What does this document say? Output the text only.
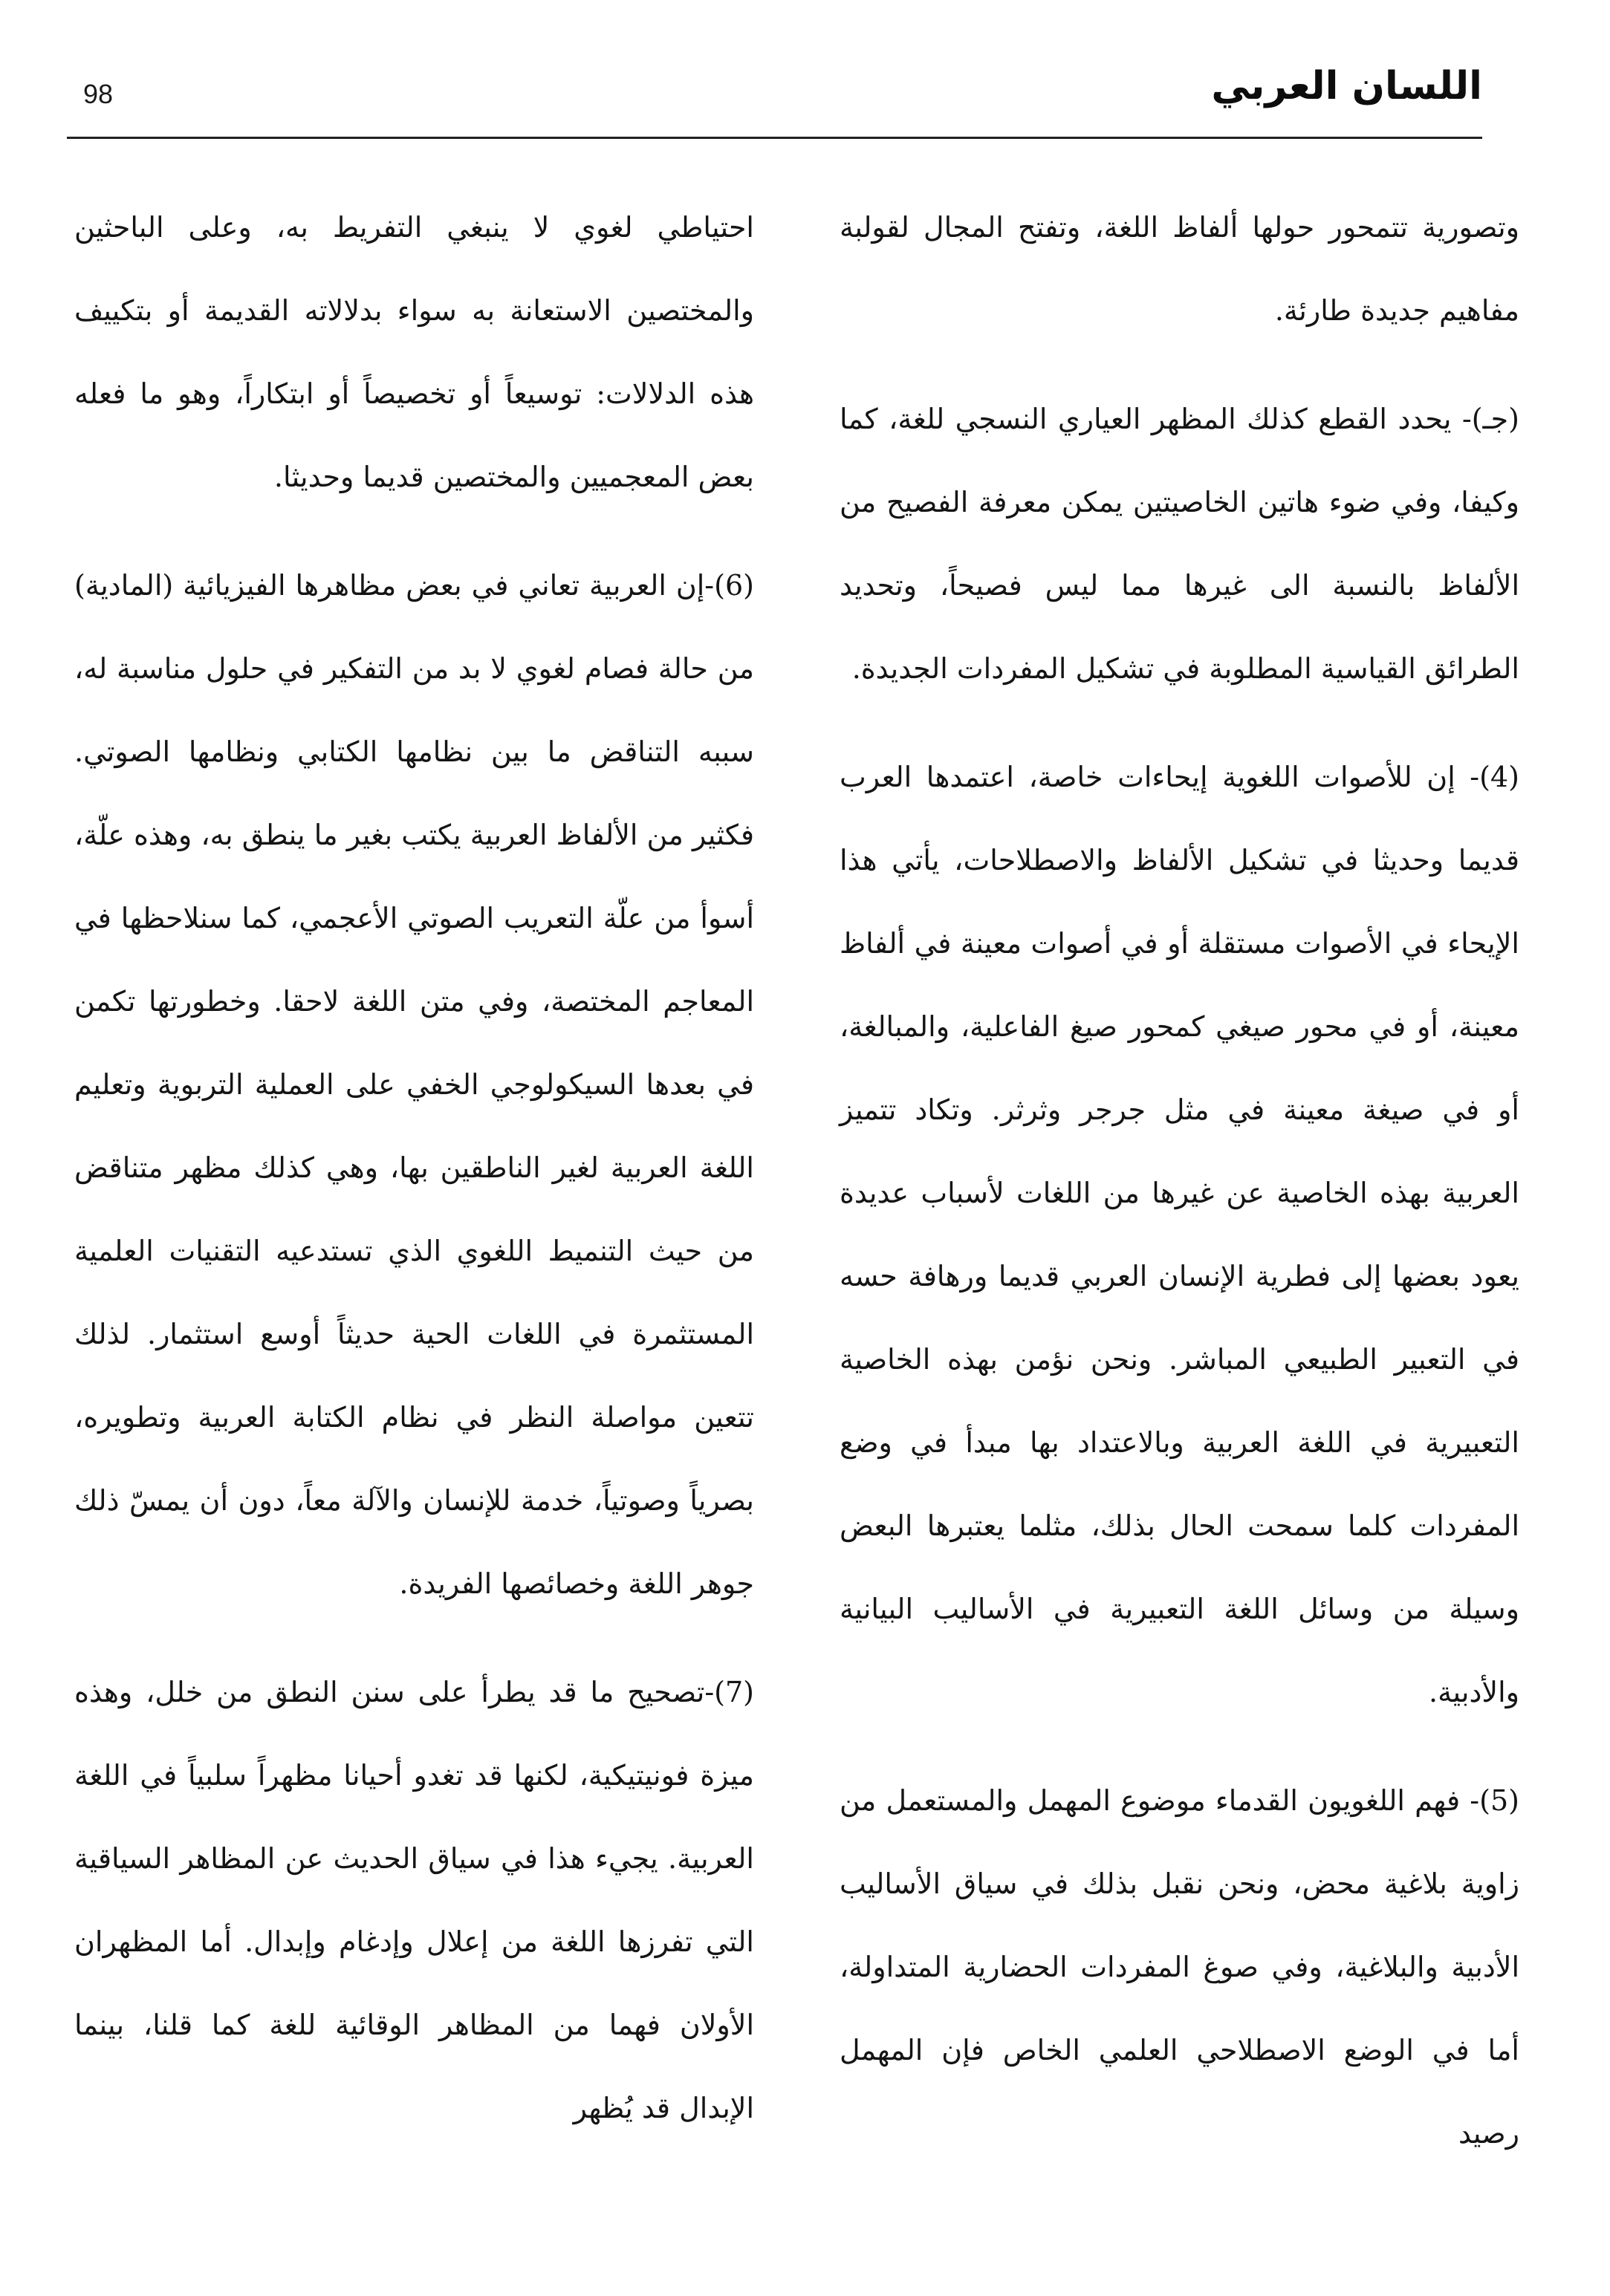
98	اللسان العربي

وتصورية تتمحور حولها ألفاظ اللغة، وتفتح المجال لقولبة مفاهيم جديدة طارئة.

(جـ)- يحدد القطع كذلك المظهر العياري النسجي للغة، كما وكيفا، وفي ضوء هاتين الخاصيتين يمكن معرفة الفصيح من الألفاظ بالنسبة الى غيرها مما ليس فصيحاً، وتحديد الطرائق القياسية المطلوبة في تشكيل المفردات الجديدة.

(4)- إن للأصوات اللغوية إيحاءات خاصة، اعتمدها العرب قديما وحديثا في تشكيل الألفاظ والاصطلاحات، يأتي هذا الإيحاء في الأصوات مستقلة أو في أصوات معينة في ألفاظ معينة، أو في محور صيغي كمحور صيغ الفاعلية، والمبالغة، أو في صيغة معينة في مثل جرجر وثرثر. وتكاد تتميز العربية بهذه الخاصية عن غيرها من اللغات لأسباب عديدة يعود بعضها إلى فطرية الإنسان العربي قديما ورهافة حسه في التعبير الطبيعي المباشر. ونحن نؤمن بهذه الخاصية التعبيرية في اللغة العربية وبالاعتداد بها مبدأ في وضع المفردات كلما سمحت الحال بذلك، مثلما يعتبرها البعض وسيلة من وسائل اللغة التعبيرية في الأساليب البيانية والأدبية.

(5)- فهم اللغويون القدماء موضوع المهمل والمستعمل من زاوية بلاغية محض، ونحن نقبل بذلك في سياق الأساليب الأدبية والبلاغية، وفي صوغ المفردات الحضارية المتداولة، أما في الوضع الاصطلاحي العلمي الخاص فإن المهمل رصيد

احتياطي لغوي لا ينبغي التفريط به، وعلى الباحثين والمختصين الاستعانة به سواء بدلالاته القديمة أو بتكييف هذه الدلالات: توسيعاً أو تخصيصاً أو ابتكاراً، وهو ما فعله بعض المعجميين والمختصين قديما وحديثا.

(6)-إن العربية تعاني في بعض مظاهرها الفيزيائية (المادية) من حالة فصام لغوي لا بد من التفكير في حلول مناسبة له، سببه التناقض ما بين نظامها الكتابي ونظامها الصوتي. فكثير من الألفاظ العربية يكتب بغير ما ينطق به، وهذه علّة، أسوأ من علّة التعريب الصوتي الأعجمي، كما سنلاحظها في المعاجم المختصة، وفي متن اللغة لاحقا. وخطورتها تكمن في بعدها السيكولوجي الخفي على العملية التربوية وتعليم اللغة العربية لغير الناطقين بها، وهي كذلك مظهر متناقض من حيث التنميط اللغوي الذي تستدعيه التقنيات العلمية المستثمرة في اللغات الحية حديثاً أوسع استثمار. لذلك تتعين مواصلة النظر في نظام الكتابة العربية وتطويره، بصرياً وصوتياً، خدمة للإنسان والآلة معاً، دون أن يمسّ ذلك جوهر اللغة وخصائصها الفريدة.

(7)-تصحيح ما قد يطرأ على سنن النطق من خلل، وهذه ميزة فونيتيكية، لكنها قد تغدو أحيانا مظهراً سلبياً في اللغة العربية. يجيء هذا في سياق الحديث عن المظاهر السياقية التي تفرزها اللغة من إعلال وإدغام وإبدال. أما المظهران الأولان فهما من المظاهر الوقائية للغة كما قلنا، بينما الإبدال قد يُظهر
